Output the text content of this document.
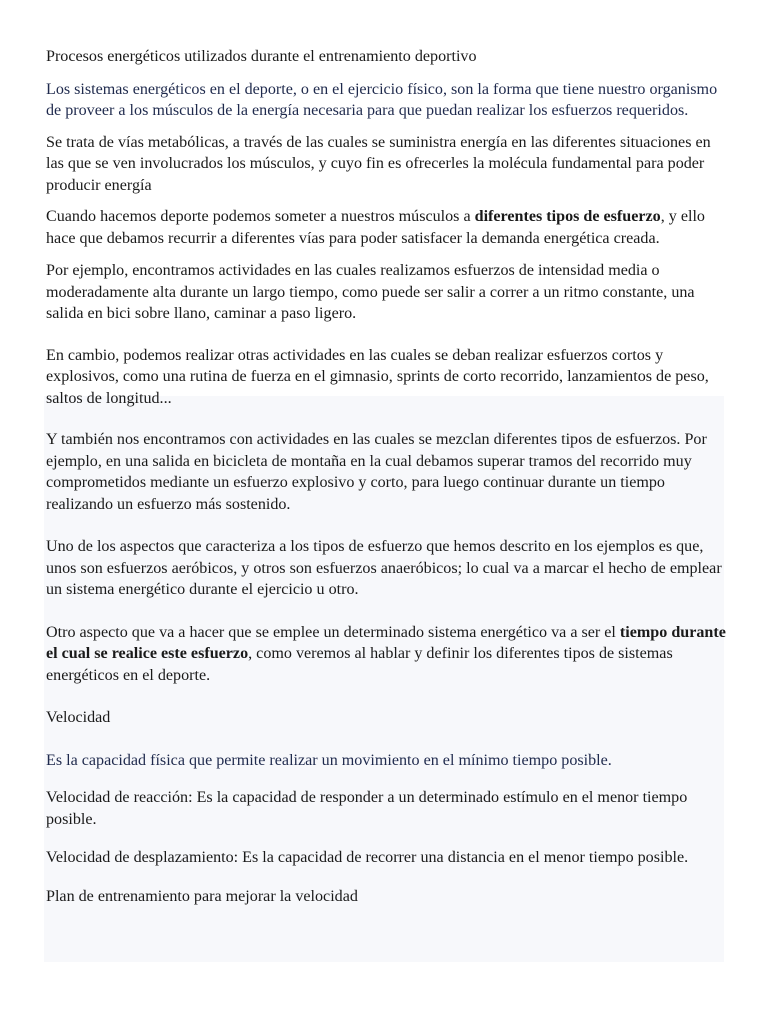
Procesos energéticos utilizados durante el entrenamiento deportivo

Los sistemas energéticos en el deporte, o en el ejercicio físico, son la forma que tiene nuestro organismo de proveer a los músculos de la energía necesaria para que puedan realizar los esfuerzos requeridos.

Se trata de vías metabólicas, a través de las cuales se suministra energía en las diferentes situaciones en las que se ven involucrados los músculos, y cuyo fin es ofrecerles la molécula fundamental para poder producir energía

Cuando hacemos deporte podemos someter a nuestros músculos a diferentes tipos de esfuerzo, y ello hace que debamos recurrir a diferentes vías para poder satisfacer la demanda energética creada.

Por ejemplo, encontramos actividades en las cuales realizamos esfuerzos de intensidad media o moderadamente alta durante un largo tiempo, como puede ser salir a correr a un ritmo constante, una salida en bici sobre llano, caminar a paso ligero.

En cambio, podemos realizar otras actividades en las cuales se deban realizar esfuerzos cortos y explosivos, como una rutina de fuerza en el gimnasio, sprints de corto recorrido, lanzamientos de peso, saltos de longitud...

Y también nos encontramos con actividades en las cuales se mezclan diferentes tipos de esfuerzos. Por ejemplo, en una salida en bicicleta de montaña en la cual debamos superar tramos del recorrido muy comprometidos mediante un esfuerzo explosivo y corto, para luego continuar durante un tiempo realizando un esfuerzo más sostenido.

Uno de los aspectos que caracteriza a los tipos de esfuerzo que hemos descrito en los ejemplos es que, unos son esfuerzos aeróbicos, y otros son esfuerzos anaeróbicos; lo cual va a marcar el hecho de emplear un sistema energético durante el ejercicio u otro.

Otro aspecto que va a hacer que se emplee un determinado sistema energético va a ser el tiempo durante el cual se realice este esfuerzo, como veremos al hablar y definir los diferentes tipos de sistemas energéticos en el deporte.

Velocidad

Es la capacidad física que permite realizar un movimiento en el mínimo tiempo posible.

Velocidad de reacción: Es la capacidad de responder a un determinado estímulo en el menor tiempo posible.

Velocidad de desplazamiento: Es la capacidad de recorrer una distancia en el menor tiempo posible.

Plan de entrenamiento para mejorar la velocidad
